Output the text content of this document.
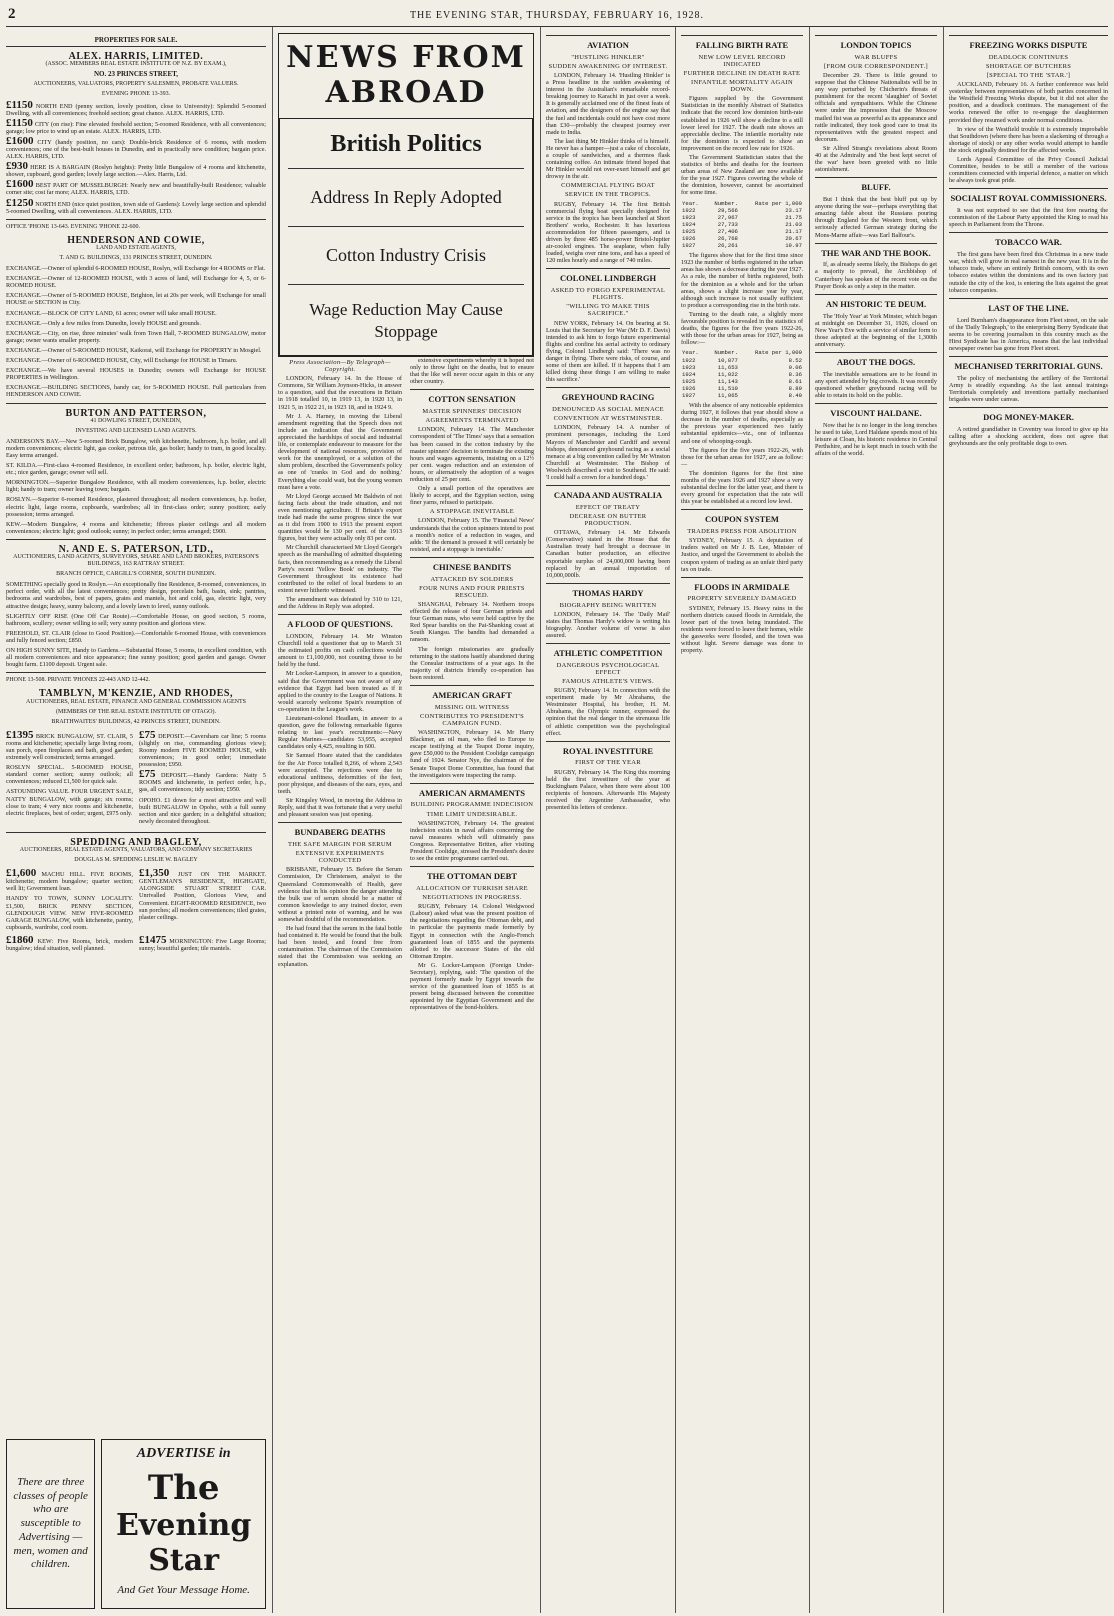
2	THE EVENING STAR, THURSDAY, FEBRUARY 16, 1928.
PROPERTIES FOR SALE.
ALEX. HARRIS, LIMITED.
(ASSOC. MEMBERS REAL ESTATE INSTITUTE OF N.Z. BY EXAM.),
NO. 23 PRINCES STREET,
AUCTIONEERS, VALUATORS, PROPERTY SALESMEN, PROBATE VALUERS.
EVENING PHONE 13-393.
£1150 NORTH END (penny section, lovely position, close to University): Splendid 5-roomed Dwelling, with all conveniences; freehold section; great chance. ALEX. HARRIS, LTD.
£1150 CITY (on rise): Fine elevated freehold section; 5-roomed Residence, with all conveniences; garage; low price to wind up an estate. ALEX. HARRIS, LTD.
£1600 CITY (handy position, no cars): Double-brick Residence of 6 rooms, with modern conveniences; one of the best-built houses in Dunedin, and in practically new condition; bargain price. ALEX. HARRIS, LTD.
£930 HERE IS A BARGAIN (Roslyn heights): Pretty little Bungalow of 4 rooms and kitchenette, shower, cupboard, good garden; lovely large section.—Alex. Harris, Ltd.
£1600 BEST PART OF MUSSELBURGH: Nearly new and beautifully-built Residence; valuable corner site; cost far more; ALEX. HARRIS, LTD.
£1250 NORTH END (nice quiet position, town side of Gardens): Lovely large section and splendid 5-roomed Dwelling, with all conveniences. ALEX. HARRIS, LTD.
OFFICE 'PHONE 13-643. EVENING 'PHONE 22-600.
HENDERSON AND COWIE,
LAND AND ESTATE AGENTS,
T. AND G. BUILDINGS, 131 PRINCES STREET, DUNEDIN.
EXCHANGE.—Owner of splendid 6-ROOMED HOUSE, Roslyn, will Exchange for 4 ROOMS or Flat.
EXCHANGE.—Owner of 12-ROOMED HOUSE, with 3 acres of land, will Exchange for 4, 5, or 6-ROOMED HOUSE.
EXCHANGE.—Owner of 5-ROOMED HOUSE, Brighton, let at 20s per week, will Exchange for small HOUSE or SECTION in City.
EXCHANGE.—BLOCK OF CITY LAND, 61 acres; owner will take small HOUSE.
EXCHANGE.—Only a few miles from Dunedin, lovely HOUSE and grounds.
EXCHANGE.—City, on rise, three minutes' walk from Town Hall, 7-ROOMED BUNGALOW, motor garage; owner wants smaller property.
EXCHANGE.—Owner of 5-ROOMED HOUSE, Kaikorai, will Exchange for PROPERTY in Mosgiel.
EXCHANGE.—Owner of 6-ROOMED HOUSE, City, will Exchange for HOUSE in Timaru.
EXCHANGE.—We have several HOUSES in Dunedin; owners will Exchange for HOUSE PROPERTIES in Wellington.
EXCHANGE.—BUILDING SECTIONS, handy car, for 5-ROOMED HOUSE. Full particulars from HENDERSON AND COWIE.
BURTON AND PATTERSON,
41 DOWLING STREET, DUNEDIN,
INVESTING AND LICENSED LAND AGENTS.
ANDERSON'S BAY.—New 5-roomed Brick Bungalow, with kitchenette, bathroom, h.p. boiler, and all modern conveniences; electric light, gas cooker, petrous tile, gas boiler; handy to tram, in good locality. Easy terms arranged.
ST. KILDA.—First-class 4-roomed Residence, in excellent order; bathroom, h.p. boiler, electric light, etc.; nice garden, garage; owner will sell.
MORNINGTON.—Superior Bungalow Residence, with all modern conveniences, h.p. boiler, electric light; handy to tram; owner leaving town; bargain.
ROSLYN.—Superior 6-roomed Residence, plastered throughout; all modern conveniences, h.p. boiler, electric light, large rooms, cupboards, wardrobes; all in first-class order; sunny position; early possession; terms arranged.
KEW.—Modern Bungalow, 4 rooms and kitchenette; fibrous plaster ceilings and all modern conveniences; electric light; good outlook; sunny; in perfect order; terms arranged; £900.
N. AND E. S. PATERSON, LTD.,
AUCTIONEERS, LAND AGENTS, SURVEYORS, SHARE AND LAND BROKERS, PATERSON'S BUILDINGS, 163 RATTRAY STREET.
BRANCH OFFICE, CARGILL'S CORNER, SOUTH DUNEDIN.
SOMETHING specially good in Roslyn.—An exceptionally fine Residence, 8-roomed, conveniences, in perfect order, with all the latest conveniences; pretty design, porcelain bath, basin, sink; pantries, bedrooms and wardrobes, best of papers, grates and mantels, hot and cold, gas, electric light, very attractive design; heavy, sunny balcony, and a lovely lawn to level, sunny outlook.
SLIGHTLY OFF RISE (One Off Car Route).—Comfortable House, on good section, 5 rooms, bathroom, scullery; owner willing to sell; very sunny position and glorious view.
FREEHOLD, ST. CLAIR (close to Good Position).—Comfortable 6-roomed House, with conveniences and fully fenced section; £850.
ON HIGH SUNNY SITE, Handy to Gardens.—Substantial House, 5 rooms, in excellent condition, with all modern conveniences and nice appearance; fine sunny position; good garden and garage. Owner bought farm. £1100 deposit. Urgent sale.
PHONE 13-508. PRIVATE 'PHONES 22-443 AND 12-442.
TAMBLYN, M'KENZIE, AND RHODES,
AUCTIONEERS, REAL ESTATE, FINANCE AND GENERAL COMMISSION AGENTS
(MEMBERS OF THE REAL ESTATE INSTITUTE OF OTAGO).
BRAITHWAITES' BUILDINGS, 42 PRINCES STREET, DUNEDIN.
£1395 BRICK BUNGALOW, ST. CLAIR, 5 rooms and kitchenette; specially large living room, sun porch, open fireplaces and bath, good garden; extremely well constructed; terms arranged.
ROSLYN SPECIAL. 5-ROOMED HOUSE, standard corner section; sunny outlook; all conveniences; reduced £1,500 for quick sale.
ASTOUNDING VALUE. FOUR URGENT SALE, NATTY BUNGALOW, with garage; six rooms; close to tram; 4 very nice rooms and kitchenette, electric fireplaces, best of order; urgent, £975 only.
£75 DEPOSIT.—Caversham car line; 5 rooms (slightly on rise, commanding glorious view); Roomy modern FIVE ROOMED HOUSE, with conveniences; in good order; immediate possession; £950.
£75 DEPOSIT.—Handy Gardens: Natty 5 ROOMS and kitchenette, in perfect order, h.p., gas, all conveniences; tidy section; £950.
OPOHO. £1 down for a most attractive and well built BUNGALOW in Opoho, with a full sunny section and nice garden; in a delightful situation; newly decorated throughout.
SPEDDING AND BAGLEY,
AUCTIONEERS, REAL ESTATE AGENTS, VALUATORS, AND COMPANY SECRETARIES
DOUGLAS M. SPEDDING LESLIE W. BAGLEY
£1,600 MACHU HILL. FIVE ROOMS, kitchenette; modern bungalow; quarter section; well lit; Government loan.
HANDY TO TOWN, SUNNY LOCALITY. £1,500, BRICK PENNY SECTION, GLENDOUGH VIEW. NEW FIVE-ROOMED GARAGE BUNGALOW, with kitchenette, pantry, cupboards, wardrobe, cool room.
£1,350 JUST ON THE MARKET. GENTLEMAN'S RESIDENCE, HIGHGATE, ALONGSIDE STUART STREET CAR. Unrivalled Position, Glorious View, and Convenient. EIGHT-ROOMED RESIDENCE, two sun porches; all modern conveniences; tiled grates, plaster ceilings.
£1860 KEW: Five Rooms, brick, modern bungalow; ideal situation, well planned.
£1475 MORNINGTON: Five Large Rooms; sunny; beautiful garden; tile mantels.
There are three classes of people who are susceptible to Advertising —men, women and children.
ADVERTISE in
The
Evening Star
And Get Your Message Home.
NEWS FROM ABROAD
British Politics
Address In Reply Adopted
Cotton Industry Crisis
Wage Reduction May Cause Stoppage
Press Association—By Telegraph—Copyright.

LONDON, February 14. In the House of Commons, Sir William Joynson-Hicks, in answer to a question, said that the executions in Britain in 1918 totalled 10, in 1919 13, in 1920 13, in 1921 5, in 1922 21, in 1923 18, and in 1924 9.

Mr J. A. Harney, in moving the Liberal amendment regretting that the Speech does not include an indication that the Government appreciated the hardships of social and industrial life, or contemplate endeavour to measure for the development of national resources, provision of work for the unemployed, or a solution of the slum problem, described the Government's policy as one of 'cranks in God and do nothing.' Everything else could wait, but the young women must have a vote.

Mr Lloyd George accused Mr Baldwin of not facing facts about the trade situation, and not even mentioning agriculture. If Britain's export trade had made the same progress since the war as it did from 1900 to 1913 the present export quantities would be 130 per cent. of the 1913 figures, but they were actually only 83 per cent.

Mr Churchill characterised Mr Lloyd George's speech as the marshalling of admitted disquieting facts, then recommending as a remedy the Liberal Party's recent 'Yellow Book' on industry. The Government throughout its existence had contributed to the relief of local burdens to an extent never hitherto witnessed.

The amendment was defeated by 310 to 121, and the Address in Reply was adopted.

A FLOOD OF QUESTIONS.

LONDON, February 14. Mr Winston Churchill told a questioner that up to March 31 the estimated profits on cash collections would amount to £1,100,000, not counting those to be held by the fund.

Mr Locker-Lampson, in answer to a question, said that the Government was not aware of any evidence that Egypt had been treated as if it applied to the country to the League of Nations. It would scarcely welcome Spain's resumption of co-operation in the League's work.

Lieutenant-colonel Headlam, in answer to a question, gave the following remarkable figures relating to last year's recruitments:—Navy Regular Marines—candidates 53,955, accepted candidates only 4,425, resulting in 600.

Sir Samuel Hoare stated that the candidates for the Air Force totalled 8,266, of whom 2,543 were accepted. The rejections were due to educational unfitness, deformities of the feet, poor physique, and diseases of the ears, eyes, and teeth.

Sir Kingsley Wood, in moving the Address in Reply, said that it was fortunate that a very useful and pleasant session was just opening.

BUNDABERG DEATHS
THE SAFE MARGIN FOR SERUM
EXTENSIVE EXPERIMENTS CONDUCTED

BRISBANE, February 15. Before the Serum Commission, Dr Christensen, analyst to the Queensland Commonwealth of Health, gave evidence that in his opinion the danger attending the bulk use of serum should be a matter of common knowledge to any trained doctor, even without a printed note of warning, and he was somewhat doubtful of the recommendation.

He had found that the serum in the fatal bottle had contained it. He would be found that the bulk had been tested, and found free from contamination. The chairman of the Commission stated that the Commission was seeking an explanation.

extensive experiments whereby it is hoped not only to throw light on the deaths, but to ensure that the like will never occur again in this or any other country.

COTTON SENSATION
MASTER SPINNERS' DECISION
AGREEMENTS TERMINATED

LONDON, February 14. The Manchester correspondent of 'The Times' says that a sensation has been caused in the cotton industry by the master spinners' decision to terminate the existing hours and wages agreements, insisting on a 12½ per cent. wages reduction and an extension of hours, or alternatively the adoption of a wages reduction of 25 per cent.

Only a small portion of the operatives are likely to accept, and the Egyptian section, using finer yarns, refused to participate.

A STOPPAGE INEVITABLE

LONDON, February 15. The 'Financial News' understands that the cotton spinners intend to post a month's notice of a reduction in wages, and adds: 'If the demand is pressed it will certainly be resisted, and a stoppage is inevitable.'

CHINESE BANDITS
ATTACKED BY SOLDIERS
FOUR NUNS AND FOUR PRIESTS RESCUED.

SHANGHAI, February 14. Northern troops effected the release of four German priests and four German nuns, who were held captive by the Red Spear bandits on the Pai-Shanking coast at South Kiangsu. The bandits had demanded a ransom.

The foreign missionaries are gradually returning to the stations hastily abandoned during the Consular instructions of a year ago. In the majority of districts friendly co-operation has been restored.

AMERICAN GRAFT
MISSING OIL WITNESS
CONTRIBUTES TO PRESIDENT'S CAMPAIGN FUND.

WASHINGTON, February 14. Mr Harry Blackmer, an oil man, who fled to Europe to escape testifying at the Teapot Dome inquiry, gave £50,000 to the President Coolidge campaign fund of 1924. Senator Nye, the chairman of the Senate Teapot Dome Committee, has found that the investigators were inspecting the ramp.

AMERICAN ARMAMENTS
BUILDING PROGRAMME INDECISION
TIME LIMIT UNDESIRABLE.

WASHINGTON, February 14. The greatest indecision exists in naval affairs concerning the naval measures which will ultimately pass Congress. Representative Britten, after visiting President Coolidge, stressed the President's desire to see the entire programme carried out.

THE OTTOMAN DEBT
ALLOCATION OF TURKISH SHARE
NEGOTIATIONS IN PROGRESS.

RUGBY, February 14. Colonel Wedgwood (Labour) asked what was the present position of the negotiations regarding the Ottoman debt, and in particular the payments made formerly by Egypt in connection with the Anglo-French guaranteed loan of 1855 and the payments allotted to the successor States of the old Ottoman Empire.

Mr G. Locker-Lampson (Foreign Under-Secretary), replying, said: 'The question of the payment formerly made by Egypt towards the service of the guaranteed loan of 1855 is at present being discussed between the committee appointed by the Egyptian Government and the representatives of the bond-holders.

AVIATION
"HUSTLING HINKLER"
SUDDEN AWAKENING OF INTEREST.

LONDON, February 14. 'Hustling Hinkler' is a Press headline in the sudden awakening of interest in the Australian's remarkable record-breaking journey to Karachi in just over a week. It is generally acclaimed one of the finest feats of aviation, and the designers of the engine say that the fuel and incidentals could not have cost more than £30—probably the cheapest journey ever made to India.

The last thing Mr Hinkler thinks of is himself. He never has a hamper—just a cake of chocolate, a couple of sandwiches, and a thermos flask containing coffee. An intimate friend hoped that Mr Hinkler would not over-exert himself and get drowsy in the air.

COMMERCIAL FLYING BOAT
SERVICE IN THE TROPICS.

RUGBY, February 14. The first British commercial flying boat specially designed for service in the tropics has been launched at Short Brothers' works, Rochester. It has luxurious accommodation for fifteen passengers, and is driven by three 485 horse-power Bristol-Jupiter air-cooled engines. The seaplane, when fully loaded, weighs over nine tons, and has a speed of 120 miles hourly and a range of 740 miles.

COLONEL LINDBERGH
ASKED TO FORGO EXPERIMENTAL FLIGHTS.
"WILLING TO MAKE THIS SACRIFICE."

NEW YORK, February 14. On bearing at St. Louis that the Secretary for War (Mr D. F. Davis) intended to ask him to forgo future experimental flights and confine his aerial activity to ordinary flying, Colonel Lindbergh said: 'There was no danger in flying. There were risks, of course, and some of them are killed. If it happens that I am killed doing these things I am willing to make this sacrifice.'

GREYHOUND RACING
DENOUNCED AS SOCIAL MENACE
CONVENTION AT WESTMINSTER.

LONDON, February 14. A number of prominent personages, including the Lord Mayors of Manchester and Cardiff and several bishops, denounced greyhound racing as a social menace at a big convention called by Mr Winston Churchill at Westminster. The Bishop of Woolwich described a visit to Southend. He said: 'I could half a crown for a hundred dogs.'

CANADA AND AUSTRALIA
EFFECT OF TREATY
DECREASE ON BUTTER PRODUCTION.

OTTAWA, February 14. Mr Edwards (Conservative) stated in the House that the Australian treaty had brought a decrease in Canadian butter production, an effective exportable surplus of 24,000,000 having been replaced by an annual importation of 10,000,000lb.

THOMAS HARDY
BIOGRAPHY BEING WRITTEN

LONDON, February 14. The 'Daily Mail' states that Thomas Hardy's widow is writing his biography. Another volume of verse is also assured.

ATHLETIC COMPETITION
DANGEROUS PSYCHOLOGICAL EFFECT
FAMOUS ATHLETE'S VIEWS.

RUGBY, February 14. In connection with the experiment made by Mr Abrahams, the Westminster Hospital, his brother, H. M. Abrahams, the Olympic runner, expressed the opinion that the real danger in the strenuous life of athletic competition was the psychological effect.

ROYAL INVESTITURE
FIRST OF THE YEAR

RUGBY, February 14. The King this morning held the first investiture of the year at Buckingham Palace, when there were about 100 recipients of honours. Afterwards His Majesty received the Argentine Ambassador, who presented his letters of credence.

FALLING BIRTH RATE
NEW LOW LEVEL RECORD INDICATED
FURTHER DECLINE IN DEATH RATE
INFANTILE MORTALITY AGAIN DOWN.

Figures supplied by the Government Statistician in the monthly Abstract of Statistics indicate that the record low dominion birth-rate established in 1926 will show a decline to a still lower level for 1927. The death rate shows an appreciable decline. The infantile mortality rate for the dominion is expected to show an improvement on the record low rate for 1926.

The Government Statistician states that the statistics of births and deaths for the fourteen urban areas of New Zealand are now available for the year 1927. Figures covering the whole of the dominion, however, cannot be ascertained for some time.

Year.	Number.	Rate per 1,000
1922	29,566	23.17
1923	27,967	21.75
1924	27,733	21.03
1925	27,406	21.17
1926	26,768	20.67
1927	26,261	19.97

The figures show that for the first time since 1923 the number of births registered in the urban areas has shown a decrease during the year 1927. As a rule, the number of births registered, both for the dominion as a whole and for the urban areas, shows a slight increase year by year, although such increase is not usually sufficient to produce a corresponding rise in the birth rate.

Turning to the death rate, a slightly more favourable position is revealed in the statistics of deaths, the figures for the five years 1922-26, with those for the urban areas for 1927, being as follow:—

Year.	Number.	Rate per 1,000
1922	10,877	8.52
1923	11,653	9.06
1924	11,022	8.36
1925	11,143	8.61
1926	11,510	8.89
1927	11,065	8.40

With the absence of any noticeable epidemics during 1927, it follows that year should show a decrease in the number of deaths, especially as the previous year experienced two fairly substantial epidemics—viz., one of influenza and one of whooping-cough.

The figures for the five years 1922-26, with those for the urban areas for 1927, are as follow:—

The dominion figures for the first nine months of the years 1926 and 1927 show a very substantial decline for the latter year, and there is every ground for expectation that the rate will this year be established at a record low level.

COUPON SYSTEM
TRADERS PRESS FOR ABOLITION

SYDNEY, February 15. A deputation of traders waited on Mr J. B. Lee, Minister of Justice, and urged the Government to abolish the coupon system of trading as an unfair third party tax on trade.

FLOODS IN ARMIDALE
PROPERTY SEVERELY DAMAGED

SYDNEY, February 15. Heavy rains in the northern districts caused floods in Armidale, the lower part of the town being inundated. The residents were forced to leave their homes, while the gasworks were flooded, and the town was without light. Severe damage was done to property.

LONDON TOPICS
WAR BLUFFS
[FROM OUR CORRESPONDENT.]

December 29. There is little ground to suppose that the Chinese Nationalists will be in any way perturbed by Chicherin's threats of punishment for the recent 'slaughter' of Soviet officials and sympathisers. While the Chinese were under the impression that the Moscow mailed fist was as powerful as its appearance and rattle indicated, they took good care to treat its representatives with the greatest respect and decorum.

Sir Alfred Strang's revelations about Room 40 at the Admiralty and 'the best kept secret of the war' have been greeted with no little astonishment.

BLUFF.

But I think that the best bluff put up by anyone during the war—perhaps everything that amazing fable about the Russians pouring through England for the Western front, which seriously affected German strategy during the Mons-Marne affair—was Earl Balfour's.

THE WAR AND THE BOOK.

If, as already seems likely, the Bishops do get a majority to prevail, the Archbishop of Canterbury has spoken of the recent vote on the Prayer Book as only a step in the matter.

AN HISTORIC TE DEUM.

The 'Holy Year' at York Minster, which began at midnight on December 31, 1926, closed on New Year's Eve with a service of similar form to those adopted at the beginning of the 1,300th anniversary.

ABOUT THE DOGS.

The inevitable sensations are to be found in any sport attended by big crowds. It was recently questioned whether greyhound racing will be able to retain its hold on the public.

VISCOUNT HALDANE.

Now that he is no longer in the long trenches he used to take, Lord Haldane spends most of his leisure at Cloan, his historic residence in Central Perthshire, and he is kept much in touch with the affairs of the world.

FREEZING WORKS DISPUTE
DEADLOCK CONTINUES
SHORTAGE OF BUTCHERS
[SPECIAL TO THE 'STAR.']

AUCKLAND, February 16. A further conference was held yesterday between representatives of both parties concerned in the Westfield Freezing Works dispute, but it did not alter the position, and a deadlock continues. The management of the works renewed the offer to re-engage the slaughtermen provided they resumed work under normal conditions.

In view of the Westfield trouble it is extremely improbable that Southdown (where there has been a slackening of through a shortage of stock) or any other works would attempt to handle the stock originally destined for the affected works.

Lords Appeal Committee of the Privy Council Judicial Committee, besides to be still a member of the various committees connected with imperial defence, a matter on which he always took great pride.

SOCIALIST ROYAL COMMISSIONERS.

It was not surprised to see that the first fore nearing the commission of the Labour Party appointed the King to read his speech in Parliament from the Throne.

TOBACCO WAR.

The first guns have been fired this Christmas in a new trade war, which will grow in real earnest in the new year. It is in the tobacco trade, where an entirely British concern, with its own tobacco estates within the dominions and its own factory just outside the city of the lost, is entering the lists against the great tobacco companies.

LAST OF THE LINE.

Lord Burnham's disappearance from Fleet street, on the sale of the 'Daily Telegraph,' to the enterprising Berry Syndicate that seems to be covering journalism in this country much as the Hirst Syndicate has in America, means that the last individual newspaper owner has gone from Fleet street.

MECHANISED TERRITORIAL GUNS.

The policy of mechanising the artillery of the Territorial Army is steadily expanding. As the last annual trainings Territorials completely and inventions partially mechanised brigades were under canvas.

DOG MONEY-MAKER.

A retired grandfather in Coventry was forced to give up his calling after a shocking accident, does not agree that greyhounds are the only profitable dogs to own.
